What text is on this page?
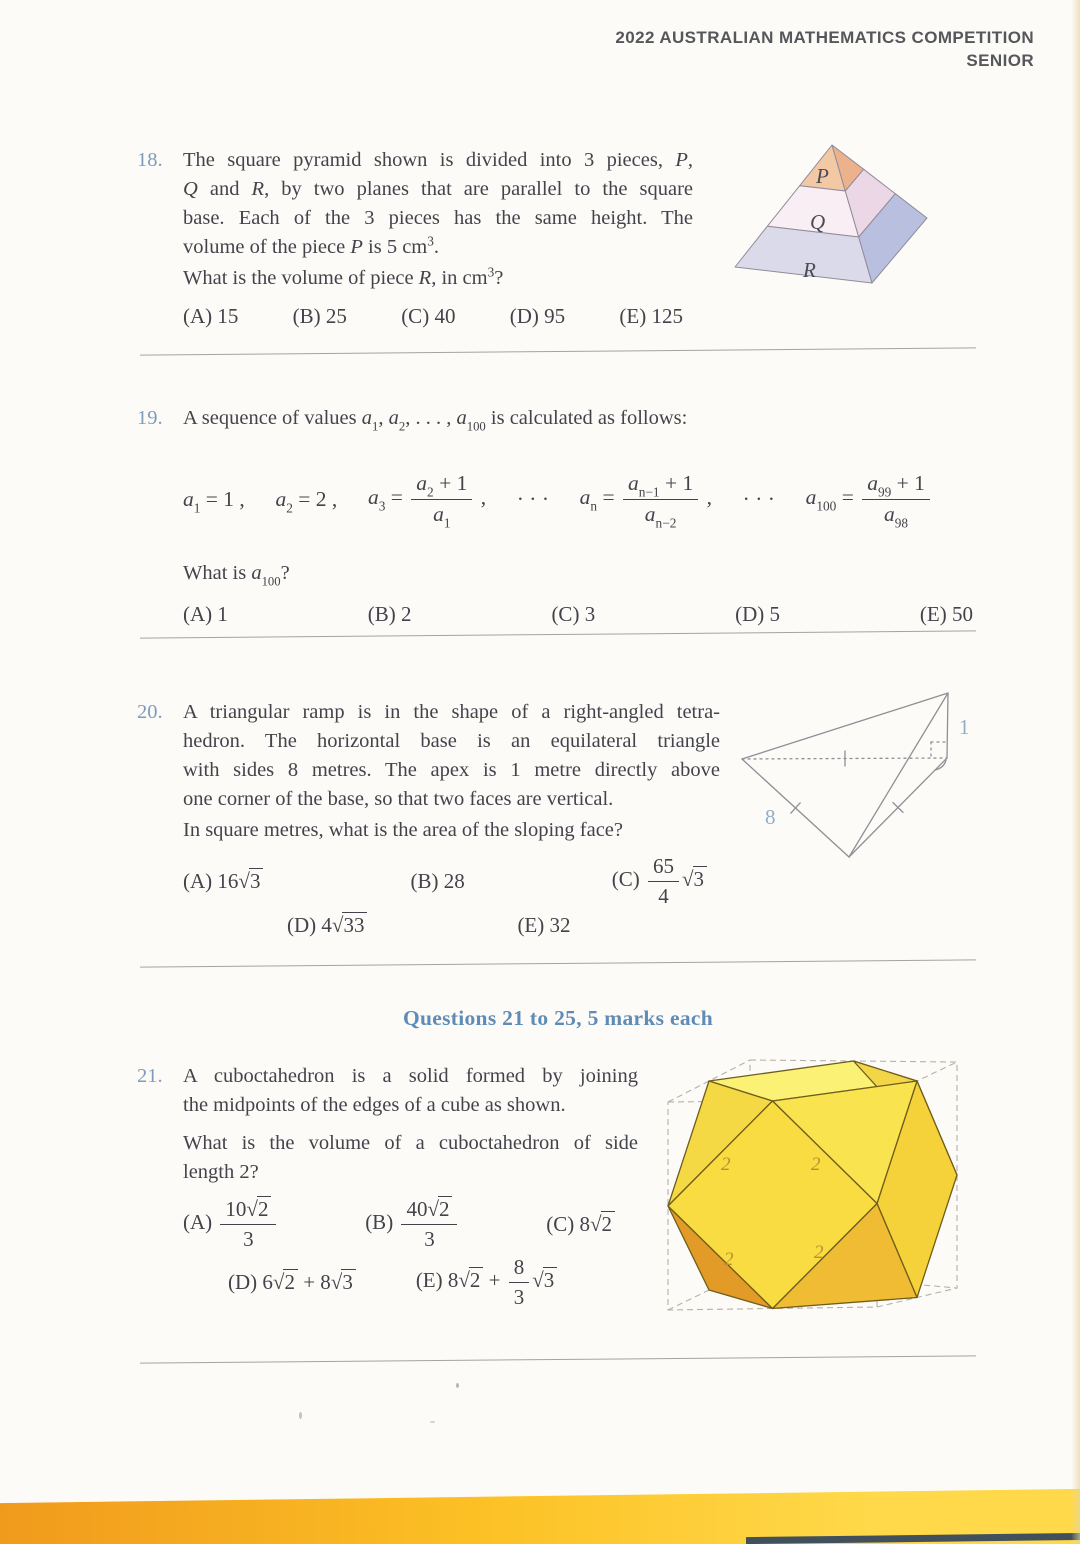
2022 AUSTRALIAN MATHEMATICS COMPETITION
SENIOR
18. The square pyramid shown is divided into 3 pieces, P,
Q and R, by two planes that are parallel to the square
base. Each of the 3 pieces has the same height. The
volume of the piece P is 5 $cm^3$.
What is the volume of piece R, in $cm^3$?
(A) 15	(B) 25	(C) 40	(D) 95	(E) 125
P
Q
R
19. A sequence of values $a_1$, $a_2$, . . . , $a_{100}$ is calculated as follows:
$a_1 = 1$ , $a_2 = 2$ , $a_3 = \frac{a_2 + 1}{a_1}$ , · · · $a_n = \frac{a_{n-1} + 1}{a_{n-2}}$ , · · · $a_{100} = \frac{a_{99} + 1}{a_{98}}$
What is $a_{100}$?
(A) 1	(B) 2	(C) 3	(D) 5	(E) 50
20. A triangular ramp is in the shape of a right-angled tetra-
hedron. The horizontal base is an equilateral triangle
with sides 8 metres. The apex is 1 metre directly above
one corner of the base, so that two faces are vertical.
In square metres, what is the area of the sloping face?
(A) 16√3	(B) 28	$(C) \frac{65}{4} √3$
(D) 4√33	(E) 32
8
1
Questions 21 to 25, 5 marks each
21. A cuboctahedron is a solid formed by joining
the midpoints of the edges of a cube as shown.
What is the volume of a cuboctahedron of side
length 2?
$(A) \frac{10√2}{3}$	$(B) \frac{40√2}{3}$	(C) 8√2
(D) 6√2 + 8√3	(E) $8√2 + \frac{8}{3} √3$
2	2
2	2
